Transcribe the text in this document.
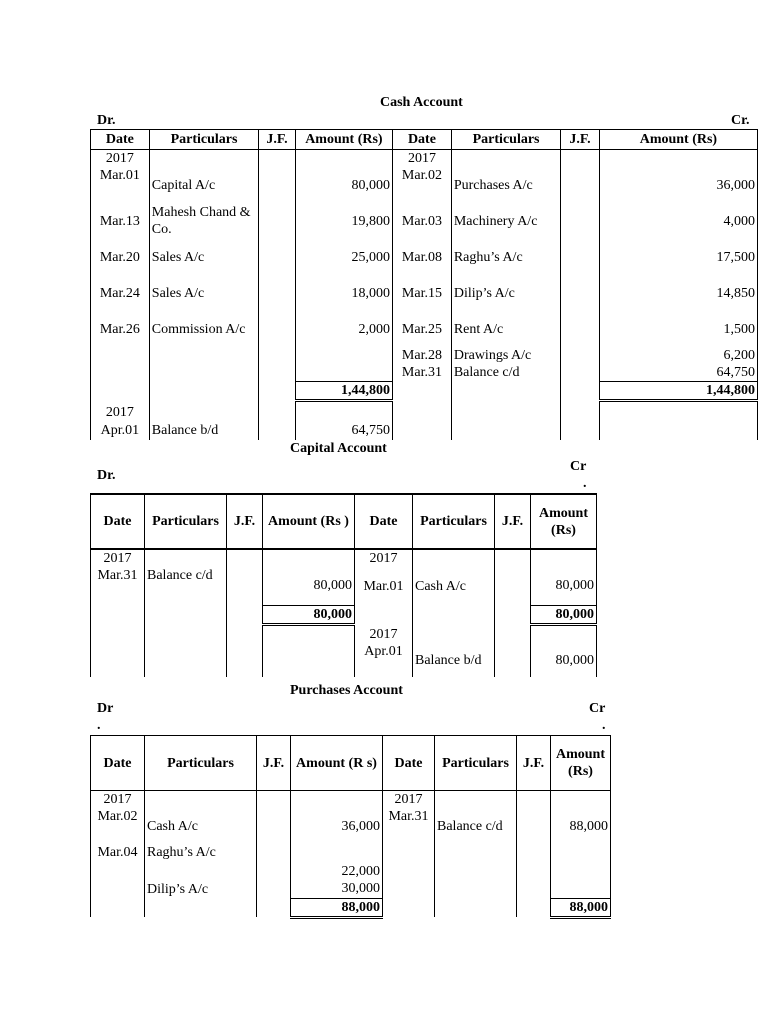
Cash Account
Dr.	Cr.
Date	Particulars	J.F.	Amount (Rs)	Date	Particulars	J.F.	Amount (Rs)
2017				2017			
Mar.01	Capital A/c		80,000	Mar.02	Purchases A/c		36,000
Mar.13	Mahesh Chand & Co.		19,800	Mar.03	Machinery A/c		4,000
Mar.20	Sales A/c		25,000	Mar.08	Raghu’s A/c		17,500
Mar.24	Sales A/c		18,000	Mar.15	Dilip’s A/c		14,850
Mar.26	Commission A/c		2,000	Mar.25	Rent A/c		1,500
				Mar.28	Drawings A/c		6,200
				Mar.31	Balance c/d		64,750
			1,44,800				1,44,800
2017							
Apr.01	Balance b/d		64,750				
Capital Account
Dr.
Cr
.
Date	Particulars	J.F.	Amount (Rs )	Date	Particulars	J.F.	Amount (Rs)
2017				2017			
Mar.31	Balance c/d		80,000	Mar.01	Cash A/c		80,000
			80,000				80,000
				2017			
				Apr.01	Balance b/d		80,000
Purchases Account
Dr
.
Cr
.
Date	Particulars	J.F.	Amount (R s)	Date	Particulars	J.F.	Amount (Rs)
2017				2017			
Mar.02	Cash A/c		36,000	Mar.31	Balance c/d		88,000
Mar.04	Raghu’s A/c		22,000				
	Dilip’s A/c		30,000				
			88,000				88,000
